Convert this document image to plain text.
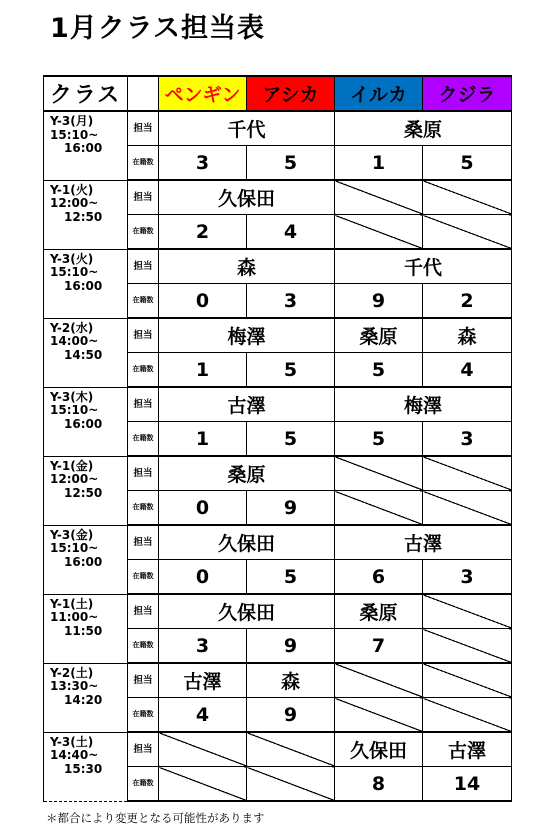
1月クラス担当表
クラス		ペンギン	アシカ	イルカ	クジラ

Y-3(月)
15:10~
16:00	担当	千代		桑原	
	在籍数	3	5	1	5

Y-1(火)
12:00~
12:50	担当	久保田			
	在籍数	2	4		

Y-3(火)
15:10~
16:00	担当	森		千代	
	在籍数	0	3	9	2

Y-2(水)
14:00~
14:50	担当	梅澤		桑原	森
	在籍数	1	5	5	4

Y-3(木)
15:10~
16:00	担当	古澤		梅澤	
	在籍数	1	5	5	3

Y-1(金)
12:00~
12:50	担当	桑原			
	在籍数	0	9		

Y-3(金)
15:10~
16:00	担当	久保田		古澤	
	在籍数	0	5	6	3

Y-1(土)
11:00~
11:50	担当	久保田		桑原	
	在籍数	3	9	7	

Y-2(土)
13:30~
14:20	担当	古澤	森		
	在籍数	4	9		

Y-3(土)
14:40~
15:30	担当			久保田	古澤
	在籍数			8	14
＊都合により変更となる可能性があります
